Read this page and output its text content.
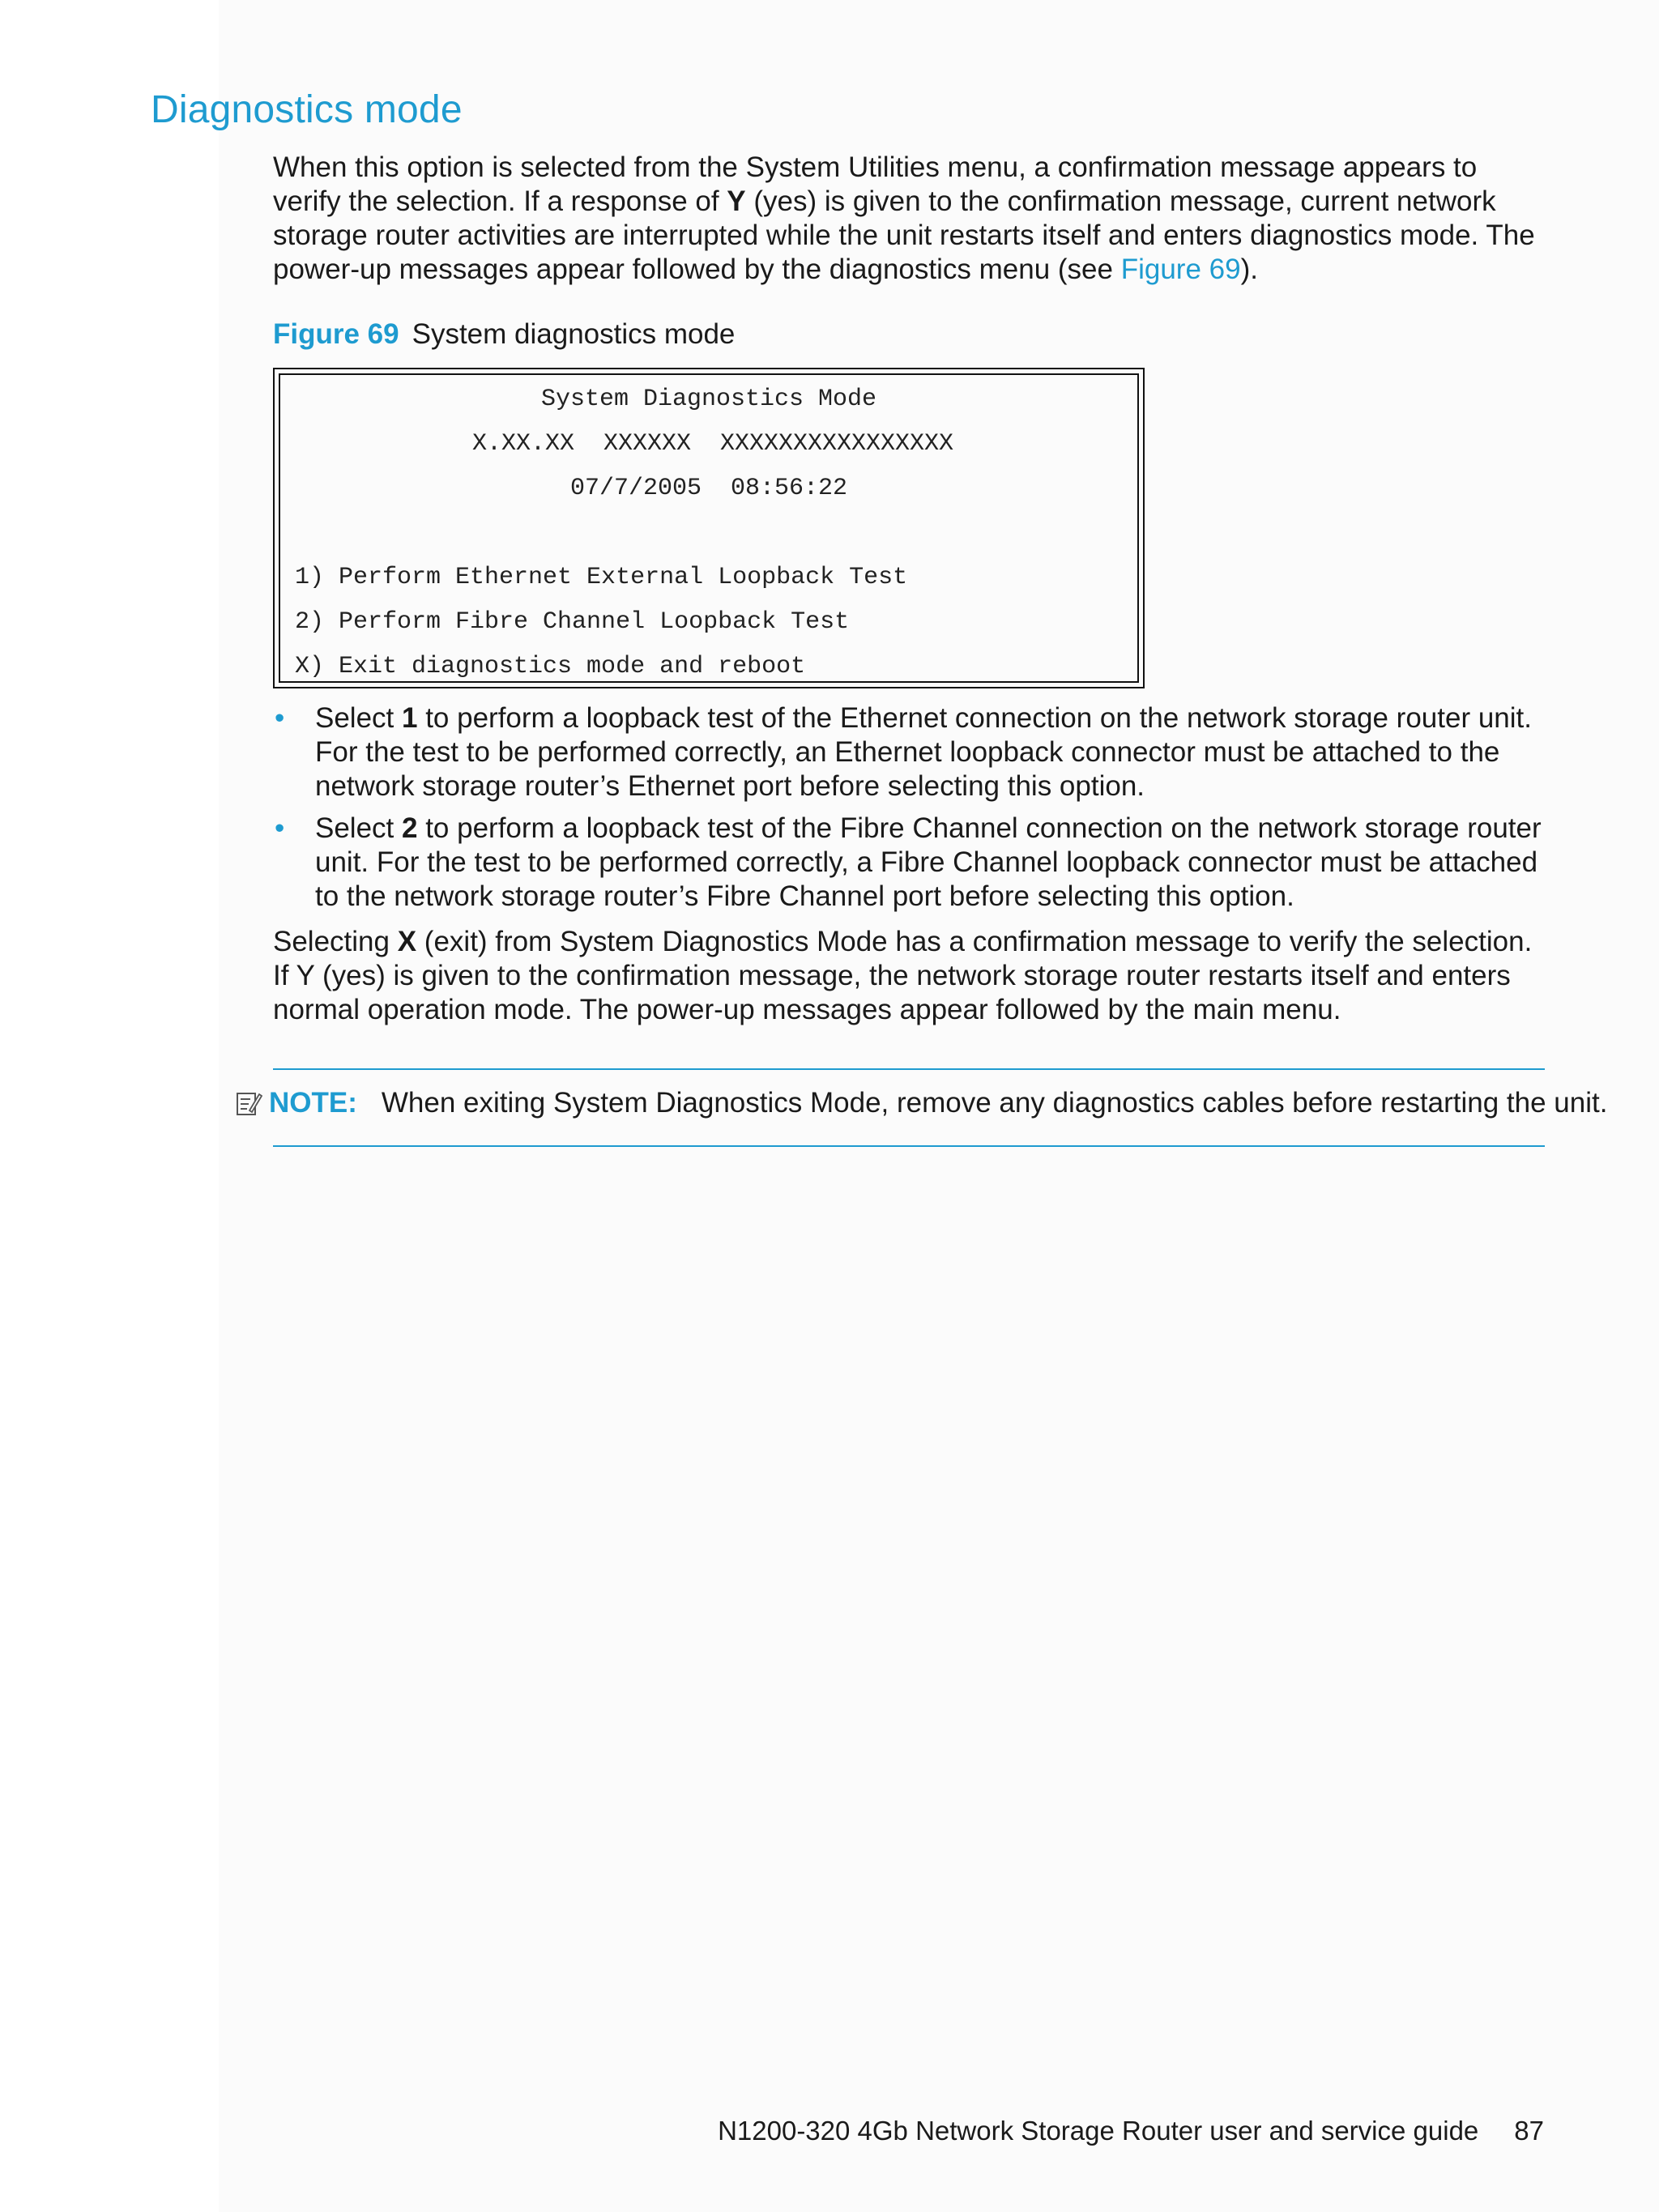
Diagnostics mode

When this option is selected from the System Utilities menu, a confirmation message appears to verify the selection. If a response of Y (yes) is given to the confirmation message, current network storage router activities are interrupted while the unit restarts itself and enters diagnostics mode. The power-up messages appear followed by the diagnostics menu (see Figure 69).

Figure 69 System diagnostics mode

System Diagnostics Mode
X.XX.XX  XXXXXX  XXXXXXXXXXXXXXXX
07/7/2005  08:56:22
1) Perform Ethernet External Loopback Test
2) Perform Fibre Channel Loopback Test
X) Exit diagnostics mode and reboot
• Select 1 to perform a loopback test of the Ethernet connection on the network storage router unit. For the test to be performed correctly, an Ethernet loopback connector must be attached to the network storage router’s Ethernet port before selecting this option.
• Select 2 to perform a loopback test of the Fibre Channel connection on the network storage router unit. For the test to be performed correctly, a Fibre Channel loopback connector must be attached to the network storage router’s Fibre Channel port before selecting this option.

Selecting X (exit) from System Diagnostics Mode has a confirmation message to verify the selection. If Y (yes) is given to the confirmation message, the network storage router restarts itself and enters normal operation mode. The power-up messages appear followed by the main menu.

NOTE: When exiting System Diagnostics Mode, remove any diagnostics cables before restarting the unit.
N1200-320 4Gb Network Storage Router user and service guide 87
